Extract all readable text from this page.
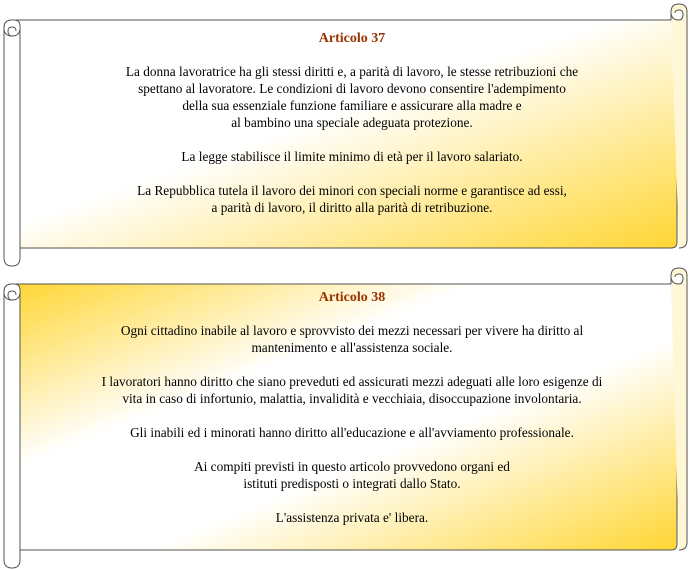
Articolo 37
La donna lavoratrice ha gli stessi diritti e, a parità di lavoro, le stesse retribuzioni che
spettano al lavoratore. Le condizioni di lavoro devono consentire l'adempimento
della sua essenziale funzione familiare e assicurare alla madre e
al bambino una speciale adeguata protezione.
La legge stabilisce il limite minimo di età per il lavoro salariato.
La Repubblica tutela il lavoro dei minori con speciali norme e garantisce ad essi,
a parità di lavoro, il diritto alla parità di retribuzione.
Articolo 38
Ogni cittadino inabile al lavoro e sprovvisto dei mezzi necessari per vivere ha diritto al
mantenimento e all'assistenza sociale.
I lavoratori hanno diritto che siano preveduti ed assicurati mezzi adeguati alle loro esigenze di
vita in caso di infortunio, malattia, invalidità e vecchiaia, disoccupazione involontaria.
Gli inabili ed i minorati hanno diritto all'educazione e all'avviamento professionale.
Ai compiti previsti in questo articolo provvedono organi ed
istituti predisposti o integrati dallo Stato.
L'assistenza privata e' libera.
